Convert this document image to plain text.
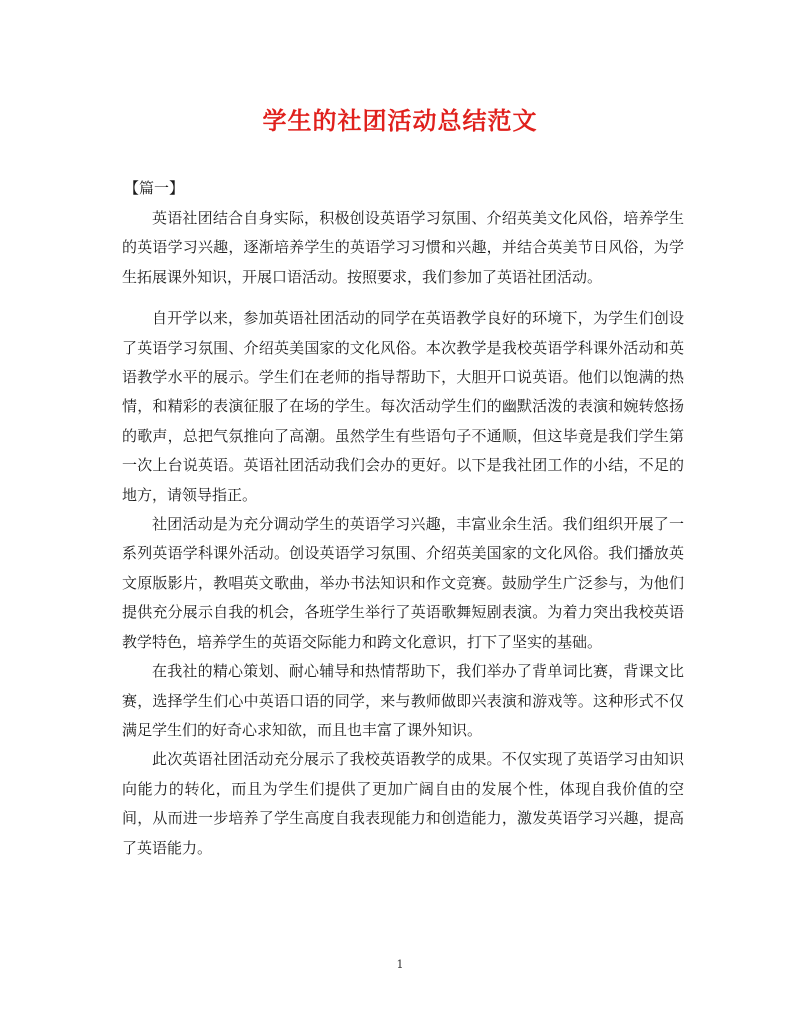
学生的社团活动总结范文

【篇一】

英语社团结合自身实际，积极创设英语学习氛围、介绍英美文化风俗，培养学生的英语学习兴趣，逐渐培养学生的英语学习习惯和兴趣，并结合英美节日风俗，为学生拓展课外知识，开展口语活动。按照要求，我们参加了英语社团活动。

自开学以来，参加英语社团活动的同学在英语教学良好的环境下，为学生们创设了英语学习氛围、介绍英美国家的文化风俗。本次教学是我校英语学科课外活动和英语教学水平的展示。学生们在老师的指导帮助下，大胆开口说英语。他们以饱满的热情，和精彩的表演征服了在场的学生。每次活动学生们的幽默活泼的表演和婉转悠扬的歌声，总把气氛推向了高潮。虽然学生有些语句子不通顺，但这毕竟是我们学生第一次上台说英语。英语社团活动我们会办的更好。以下是我社团工作的小结，不足的地方，请领导指正。

社团活动是为充分调动学生的英语学习兴趣，丰富业余生活。我们组织开展了一系列英语学科课外活动。创设英语学习氛围、介绍英美国家的文化风俗。我们播放英文原版影片，教唱英文歌曲，举办书法知识和作文竞赛。鼓励学生广泛参与，为他们提供充分展示自我的机会，各班学生举行了英语歌舞短剧表演。为着力突出我校英语教学特色，培养学生的英语交际能力和跨文化意识，打下了坚实的基础。

在我社的精心策划、耐心辅导和热情帮助下，我们举办了背单词比赛，背课文比赛，选择学生们心中英语口语的同学，来与教师做即兴表演和游戏等。这种形式不仅满足学生们的好奇心求知欲，而且也丰富了课外知识。

此次英语社团活动充分展示了我校英语教学的成果。不仅实现了英语学习由知识向能力的转化，而且为学生们提供了更加广阔自由的发展个性，体现自我价值的空间，从而进一步培养了学生高度自我表现能力和创造能力，激发英语学习兴趣，提高了英语能力。

1
